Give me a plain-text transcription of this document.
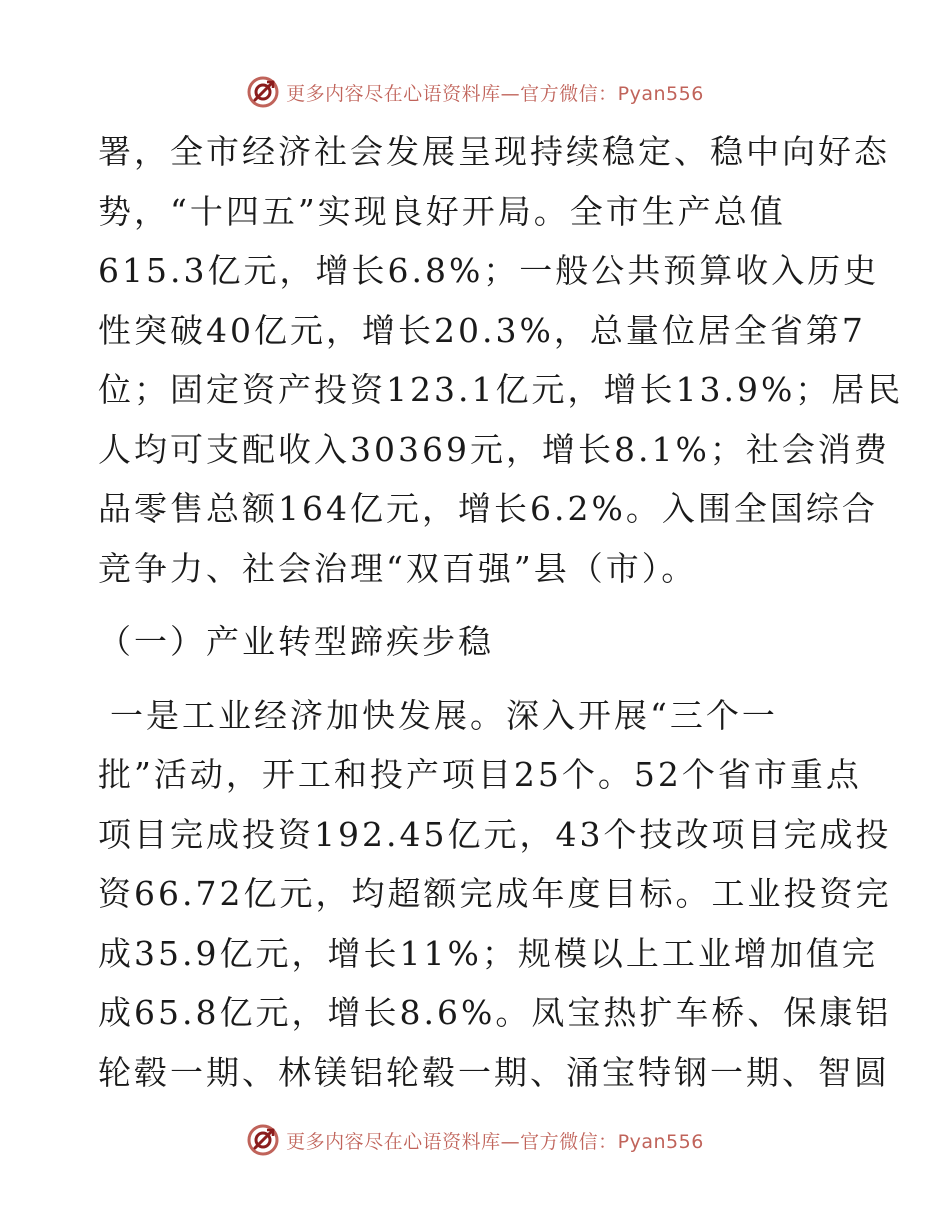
更多内容尽在心语资料库—官方微信：Pyan556
署，全市经济社会发展呈现持续稳定、稳中向好态
势，“十四五”实现良好开局。全市生产总值
615.3亿元，增长6.8%；一般公共预算收入历史
性突破40亿元，增长20.3%，总量位居全省第7
位；固定资产投资123.1亿元，增长13.9%；居民
人均可支配收入30369元，增长8.1%；社会消费
品零售总额164亿元，增长6.2%。入围全国综合
竞争力、社会治理“双百强”县（市）。
（一）产业转型蹄疾步稳
一是工业经济加快发展。深入开展“三个一
批”活动，开工和投产项目25个。52个省市重点
项目完成投资192.45亿元，43个技改项目完成投
资66.72亿元，均超额完成年度目标。工业投资完
成35.9亿元，增长11%；规模以上工业增加值完
成65.8亿元，增长8.6%。凤宝热扩车桥、保康铝
轮毂一期、林镁铝轮毂一期、涌宝特钢一期、智圆
更多内容尽在心语资料库—官方微信：Pyan556
